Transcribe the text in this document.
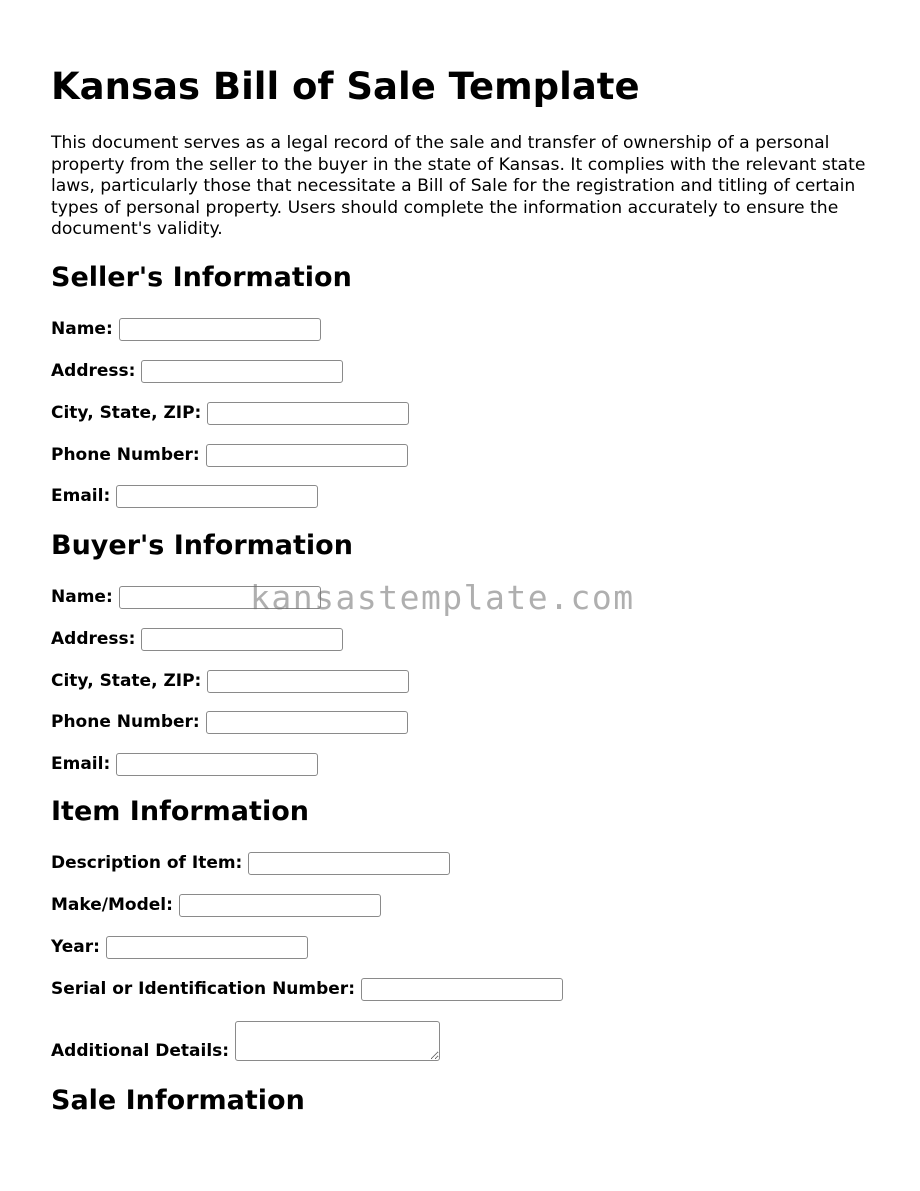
Kansas Bill of Sale Template

This document serves as a legal record of the sale and transfer of ownership of a personal property from the seller to the buyer in the state of Kansas. It complies with the relevant state laws, particularly those that necessitate a Bill of Sale for the registration and titling of certain types of personal property. Users should complete the information accurately to ensure the document's validity.

Seller's Information
Name:
Address:
City, State, ZIP:
Phone Number:
Email:
Buyer's Information
Name:
Address:
City, State, ZIP:
Phone Number:
Email:
Item Information
Description of Item:
Make/Model:
Year:
Serial or Identification Number:
Additional Details:
Sale Information
kansastemplate.com
